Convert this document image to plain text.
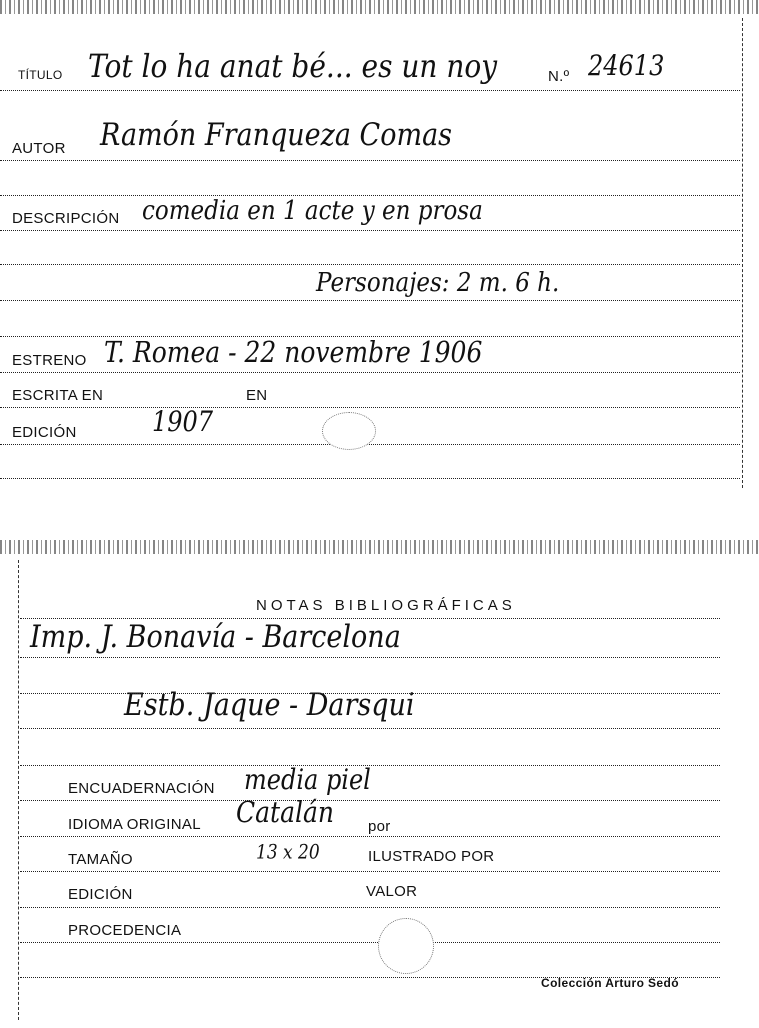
TÍTULO Tot lo ha anat bé... es un noy	N.º 24613
AUTOR Ramón Franqueza Comas
DESCRIPCIÓN comedia en 1 acte y en prosa
Personajes: 2 m. 6 h.
ESTRENO T. Romea - 22 novembre 1906
ESCRITA EN	EN
EDICIÓN	1907
NOTAS BIBLIOGRÁFICAS
Imp. J. Bonavía - Barcelona
Estb. Jaque - Darsqui
ENCUADERNACIÓN media piel
IDIOMA ORIGINAL Catalán por
TAMAÑO	13 x 20	ILUSTRADO POR
EDICIÓN	VALOR
PROCEDENCIA
Colección Arturo Sedó
